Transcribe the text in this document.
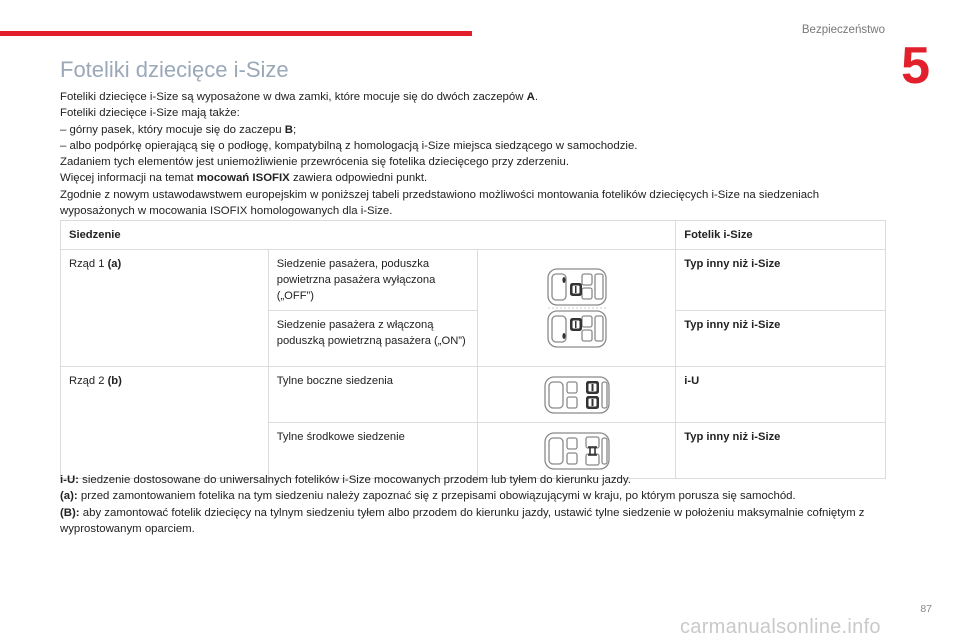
Bezpieczeństwo
5
Foteliki dziecięce i-Size

Foteliki dziecięce i-Size są wyposażone w dwa zamki, które mocuje się do dwóch zaczepów A.

Foteliki dziecięce i-Size mają także:

– górny pasek, który mocuje się do zaczepu B;

– albo podpórkę opierającą się o podłogę, kompatybilną z homologacją i-Size miejsca siedzącego w samochodzie.

Zadaniem tych elementów jest uniemożliwienie przewrócenia się fotelika dziecięcego przy zderzeniu.

Więcej informacji na temat mocowań ISOFIX zawiera odpowiedni punkt.

Zgodnie z nowym ustawodawstwem europejskim w poniższej tabeli przedstawiono możliwości montowania fotelików dziecięcych i-Size na siedzeniach wyposażonych w mocowania ISOFIX homologowanych dla i-Size.

Siedzenie			Fotelik i-Size
Rząd 1 (a)	Siedzenie pasażera, poduszka powietrzna pasażera wyłączona („OFF”)		Typ inny niż i-Size
	Siedzenie pasażera z włączoną poduszką powietrzną pasażera („ON”)		Typ inny niż i-Size
Rząd 2 (b)	Tylne boczne siedzenia		i-U
	Tylne środkowe siedzenie		Typ inny niż i-Size

i-U: siedzenie dostosowane do uniwersalnych fotelików i-Size mocowanych przodem lub tyłem do kierunku jazdy.

(a): przed zamontowaniem fotelika na tym siedzeniu należy zapoznać się z przepisami obowiązującymi w kraju, po którym porusza się samochód.

(B): aby zamontować fotelik dziecięcy na tylnym siedzeniu tyłem albo przodem do kierunku jazdy, ustawić tylne siedzenie w położeniu maksymalnie cofniętym z wyprostowanym oparciem.

87
carmanualsonline.info
